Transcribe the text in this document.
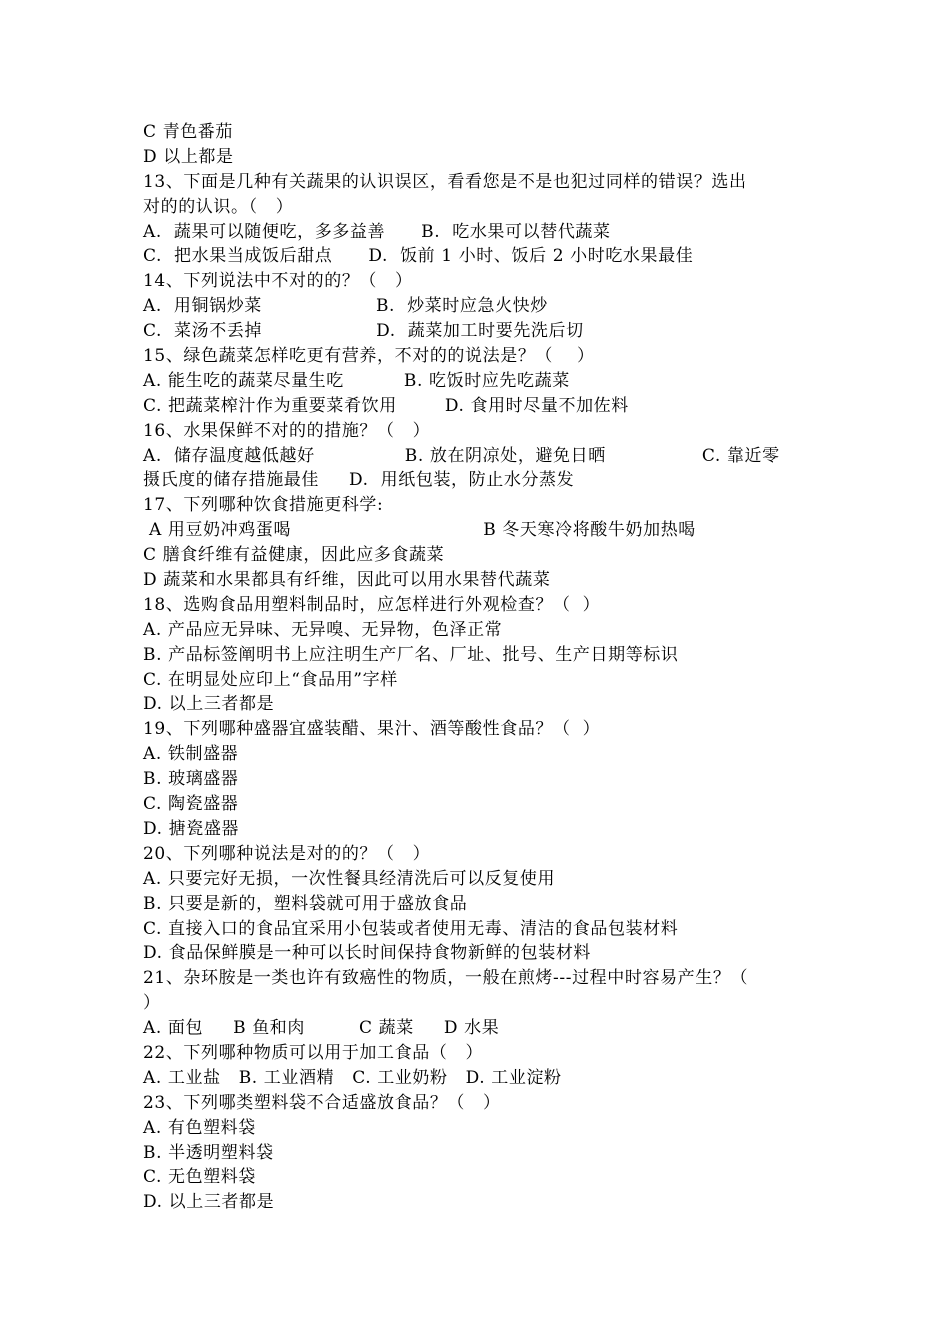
C 青色番茄
D 以上都是
13、下面是几种有关蔬果的认识误区，看看您是不是也犯过同样的错误？选出
对的的认识。（   ）
A.  蔬果可以随便吃，多多益善      B.  吃水果可以替代蔬菜
C.  把水果当成饭后甜点      D.  饭前 1 小时、饭后 2 小时吃水果最佳
14、下列说法中不对的的？（   ）
A.  用铜锅炒菜                   B.  炒菜时应急火快炒
C.  菜汤不丢掉                   D.  蔬菜加工时要先洗后切
15、绿色蔬菜怎样吃更有营养，不对的的说法是？（    ）
A. 能生吃的蔬菜尽量生吃          B. 吃饭时应先吃蔬菜
C. 把蔬菜榨汁作为重要菜肴饮用        D. 食用时尽量不加佐料
16、水果保鲜不对的的措施？（   ）
A.  储存温度越低越好               B. 放在阴凉处，避免日晒                C. 靠近零
摄氏度的储存措施最佳     D.  用纸包装，防止水分蒸发
17、下列哪种饮食措施更科学:
A 用豆奶冲鸡蛋喝                                B 冬天寒冷将酸牛奶加热喝
C 膳食纤维有益健康，因此应多食蔬菜
D 蔬菜和水果都具有纤维，因此可以用水果替代蔬菜
18、选购食品用塑料制品时，应怎样进行外观检查？（  ）
A. 产品应无异味、无异嗅、无异物，色泽正常
B. 产品标签阐明书上应注明生产厂名、厂址、批号、生产日期等标识
C. 在明显处应印上“食品用”字样
D. 以上三者都是
19、下列哪种盛器宜盛装醋、果汁、酒等酸性食品？（  ）
A. 铁制盛器
B. 玻璃盛器
C. 陶瓷盛器
D. 搪瓷盛器
20、下列哪种说法是对的的？（   ）
A. 只要完好无损，一次性餐具经清洗后可以反复使用
B. 只要是新的，塑料袋就可用于盛放食品
C. 直接入口的食品宜采用小包装或者使用无毒、清洁的食品包装材料
D. 食品保鲜膜是一种可以长时间保持食物新鲜的包装材料
21、杂环胺是一类也许有致癌性的物质，一般在煎烤---过程中时容易产生？（
）
A. 面包     B 鱼和肉         C 蔬菜     D 水果
22、下列哪种物质可以用于加工食品（   ）
A. 工业盐   B. 工业酒精   C. 工业奶粉   D. 工业淀粉
23、下列哪类塑料袋不合适盛放食品？（   ）
A. 有色塑料袋
B. 半透明塑料袋
C. 无色塑料袋
D. 以上三者都是
